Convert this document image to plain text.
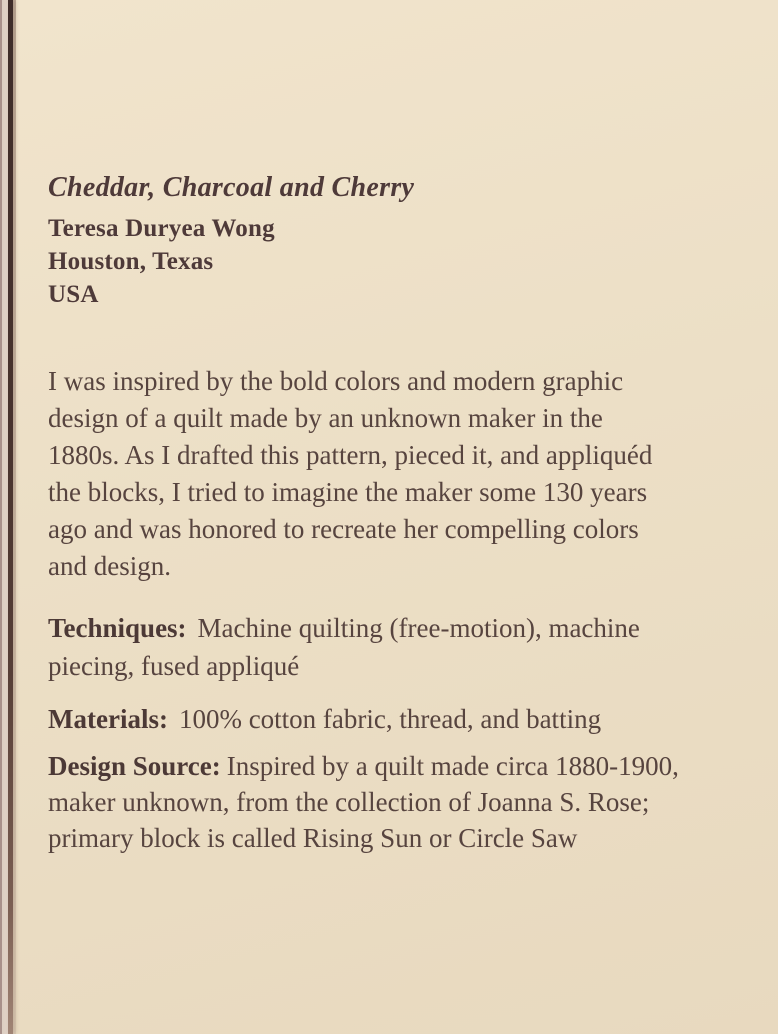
Cheddar, Charcoal and Cherry
Teresa Duryea Wong
Houston, Texas
USA
I was inspired by the bold colors and modern graphic
design of a quilt made by an unknown maker in the
1880s. As I drafted this pattern, pieced it, and appliquéd
the blocks, I tried to imagine the maker some 130 years
ago and was honored to recreate her compelling colors
and design.
Techniques: Machine quilting (free-motion), machine
piecing, fused appliqué
Materials: 100% cotton fabric, thread, and batting
Design Source: Inspired by a quilt made circa 1880-1900,
maker unknown, from the collection of Joanna S. Rose;
primary block is called Rising Sun or Circle Saw
